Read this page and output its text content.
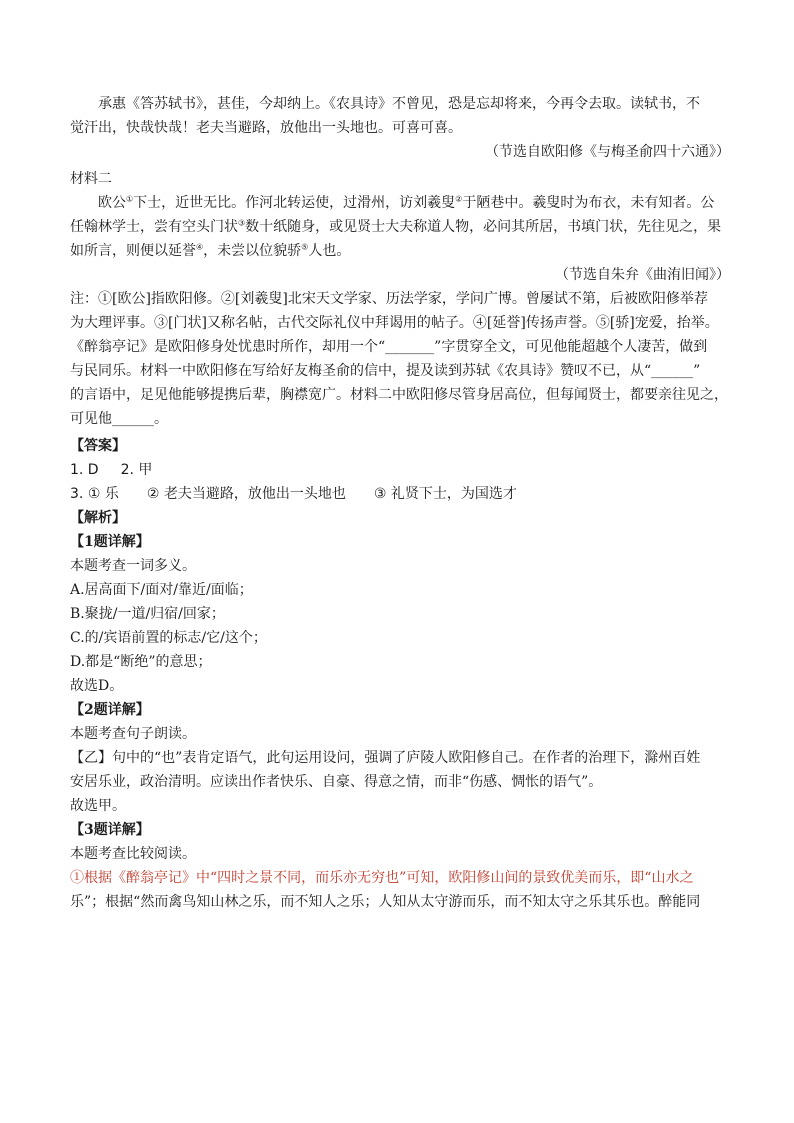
承惠《答苏轼书》，甚佳，今却纳上。《农具诗》不曾见，恐是忘却将来，今再令去取。读轼书，不

觉汗出，快哉快哉！老夫当避路，放他出一头地也。可喜可喜。

（节选自欧阳修《与梅圣俞四十六通》）

材料二

欧公①下士，近世无比。作河北转运使，过滑州，访刘羲叟②于陋巷中。羲叟时为布衣，未有知者。公

任翰林学士，尝有空头门状③数十纸随身，或见贤士大夫称道人物，必问其所居，书填门状，先往见之，果

如所言，则便以延誉④，未尝以位貌骄⑤人也。

（节选自朱弁《曲洧旧闻》）

注：①[欧公]指欧阳修。②[刘羲叟]北宋天文学家、历法学家，学问广博。曾屡试不第，后被欧阳修举荐

为大理评事。③[门状]又称名帖，古代交际礼仪中拜谒用的帖子。④[延誉]传扬声誉。⑤[骄]宠爱，抬举。

《醉翁亭记》是欧阳修身处忧患时所作，却用一个“_______”字贯穿全文，可见他能超越个人凄苦，做到

与民同乐。材料一中欧阳修在写给好友梅圣俞的信中，提及读到苏轼《农具诗》赞叹不已，从“______”

的言语中，足见他能够提携后辈，胸襟宽广。材料二中欧阳修尽管身居高位，但每闻贤士，都要亲往见之，

可见他______。

【答案】

1. D 2. 甲

3. ① 乐 ② 老夫当避路，放他出一头地也 ③ 礼贤下士，为国选才

【解析】

【1题详解】

本题考查一词多义。

A.居高面下/面对/靠近/面临；

B.聚拢/一道/归宿/回家；

C.的/宾语前置的标志/它/这个；

D.都是“断绝”的意思；

故选D。

【2题详解】

本题考查句子朗读。

【乙】句中的“也”表肯定语气，此句运用设问，强调了庐陵人欧阳修自己。在作者的治理下，滁州百姓

安居乐业，政治清明。应读出作者快乐、自豪、得意之情，而非“伤感、惆怅的语气”。

故选甲。

【3题详解】

本题考查比较阅读。

①根据《醉翁亭记》中“四时之景不同，而乐亦无穷也”可知，欧阳修山间的景致优美而乐，即“山水之

乐”；根据“然而禽鸟知山林之乐，而不知人之乐；人知从太守游而乐，而不知太守之乐其乐也。醉能同
